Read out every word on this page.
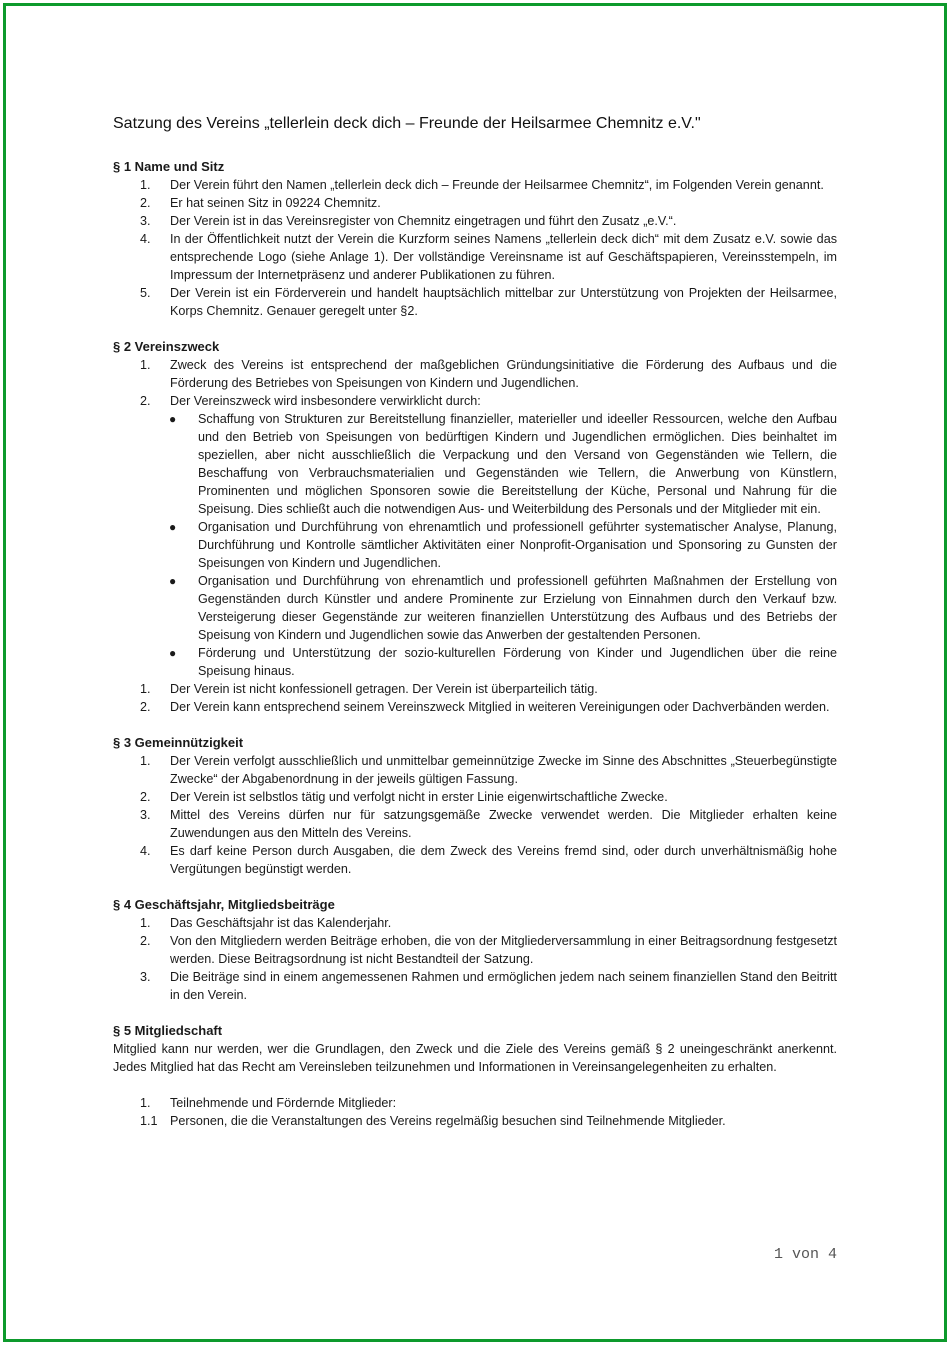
Satzung des Vereins „tellerlein deck dich – Freunde der Heilsarmee Chemnitz e.V."
§ 1 Name und Sitz
1. Der Verein führt den Namen „tellerlein deck dich – Freunde der Heilsarmee Chemnitz“, im Folgenden Verein genannt.
2. Er hat seinen Sitz in 09224 Chemnitz.
3. Der Verein ist in das Vereinsregister von Chemnitz eingetragen und führt den Zusatz „e.V.“.
4. In der Öffentlichkeit nutzt der Verein die Kurzform seines Namens „tellerlein deck dich“ mit dem Zusatz e.V. sowie das entsprechende Logo (siehe Anlage 1). Der vollständige Vereinsname ist auf Geschäftspapieren, Vereinsstempeln, im Impressum der Internetpräsenz und anderer Publikationen zu führen.
5. Der Verein ist ein Förderverein und handelt hauptsächlich mittelbar zur Unterstützung von Projekten der Heilsarmee, Korps Chemnitz. Genauer geregelt unter §2.
§ 2 Vereinszweck
1. Zweck des Vereins ist entsprechend der maßgeblichen Gründungsinitiative die Förderung des Aufbaus und die Förderung des Betriebes von Speisungen von Kindern und Jugendlichen.
2. Der Vereinszweck wird insbesondere verwirklicht durch:
● Schaffung von Strukturen zur Bereitstellung finanzieller, materieller und ideeller Ressourcen, welche den Aufbau und den Betrieb von Speisungen von bedürftigen Kindern und Jugendlichen ermöglichen. Dies beinhaltet im speziellen, aber nicht ausschließlich die Verpackung und den Versand von Gegenständen wie Tellern, die Beschaffung von Verbrauchsmaterialien und Gegenständen wie Tellern, die Anwerbung von Künstlern, Prominenten und möglichen Sponsoren sowie die Bereitstellung der Küche, Personal und Nahrung für die Speisung. Dies schließt auch die notwendigen Aus- und Weiterbildung des Personals und der Mitglieder mit ein.
● Organisation und Durchführung von ehrenamtlich und professionell geführter systematischer Analyse, Planung, Durchführung und Kontrolle sämtlicher Aktivitäten einer Nonprofit-Organisation und Sponsoring zu Gunsten der Speisungen von Kindern und Jugendlichen.
● Organisation und Durchführung von ehrenamtlich und professionell geführten Maßnahmen der Erstellung von Gegenständen durch Künstler und andere Prominente zur Erzielung von Einnahmen durch den Verkauf bzw. Versteigerung dieser Gegenstände zur weiteren finanziellen Unterstützung des Aufbaus und des Betriebs der Speisung von Kindern und Jugendlichen sowie das Anwerben der gestaltenden Personen.
● Förderung und Unterstützung der sozio-kulturellen Förderung von Kinder und Jugendlichen über die reine Speisung hinaus.
1. Der Verein ist nicht konfessionell getragen. Der Verein ist überparteilich tätig.
2. Der Verein kann entsprechend seinem Vereinszweck Mitglied in weiteren Vereinigungen oder Dachverbänden werden.
§ 3 Gemeinnützigkeit
1. Der Verein verfolgt ausschließlich und unmittelbar gemeinnützige Zwecke im Sinne des Abschnittes „Steuerbegünstigte Zwecke“ der Abgabenordnung in der jeweils gültigen Fassung.
2. Der Verein ist selbstlos tätig und verfolgt nicht in erster Linie eigenwirtschaftliche Zwecke.
3. Mittel des Vereins dürfen nur für satzungsgemäße Zwecke verwendet werden. Die Mitglieder erhalten keine Zuwendungen aus den Mitteln des Vereins.
4. Es darf keine Person durch Ausgaben, die dem Zweck des Vereins fremd sind, oder durch unverhältnismäßig hohe Vergütungen begünstigt werden.
§ 4 Geschäftsjahr, Mitgliedsbeiträge
1. Das Geschäftsjahr ist das Kalenderjahr.
2. Von den Mitgliedern werden Beiträge erhoben, die von der Mitgliederversammlung in einer Beitragsordnung festgesetzt werden. Diese Beitragsordnung ist nicht Bestandteil der Satzung.
3. Die Beiträge sind in einem angemessenen Rahmen und ermöglichen jedem nach seinem finanziellen Stand den Beitritt in den Verein.
§ 5 Mitgliedschaft

Mitglied kann nur werden, wer die Grundlagen, den Zweck und die Ziele des Vereins gemäß § 2 uneingeschränkt anerkennt. Jedes Mitglied hat das Recht am Vereinsleben teilzunehmen und Informationen in Vereinsangelegenheiten zu erhalten.

1. Teilnehmende und Fördernde Mitglieder:
1.1 Personen, die die Veranstaltungen des Vereins regelmäßig besuchen sind Teilnehmende Mitglieder.
1 von 4
